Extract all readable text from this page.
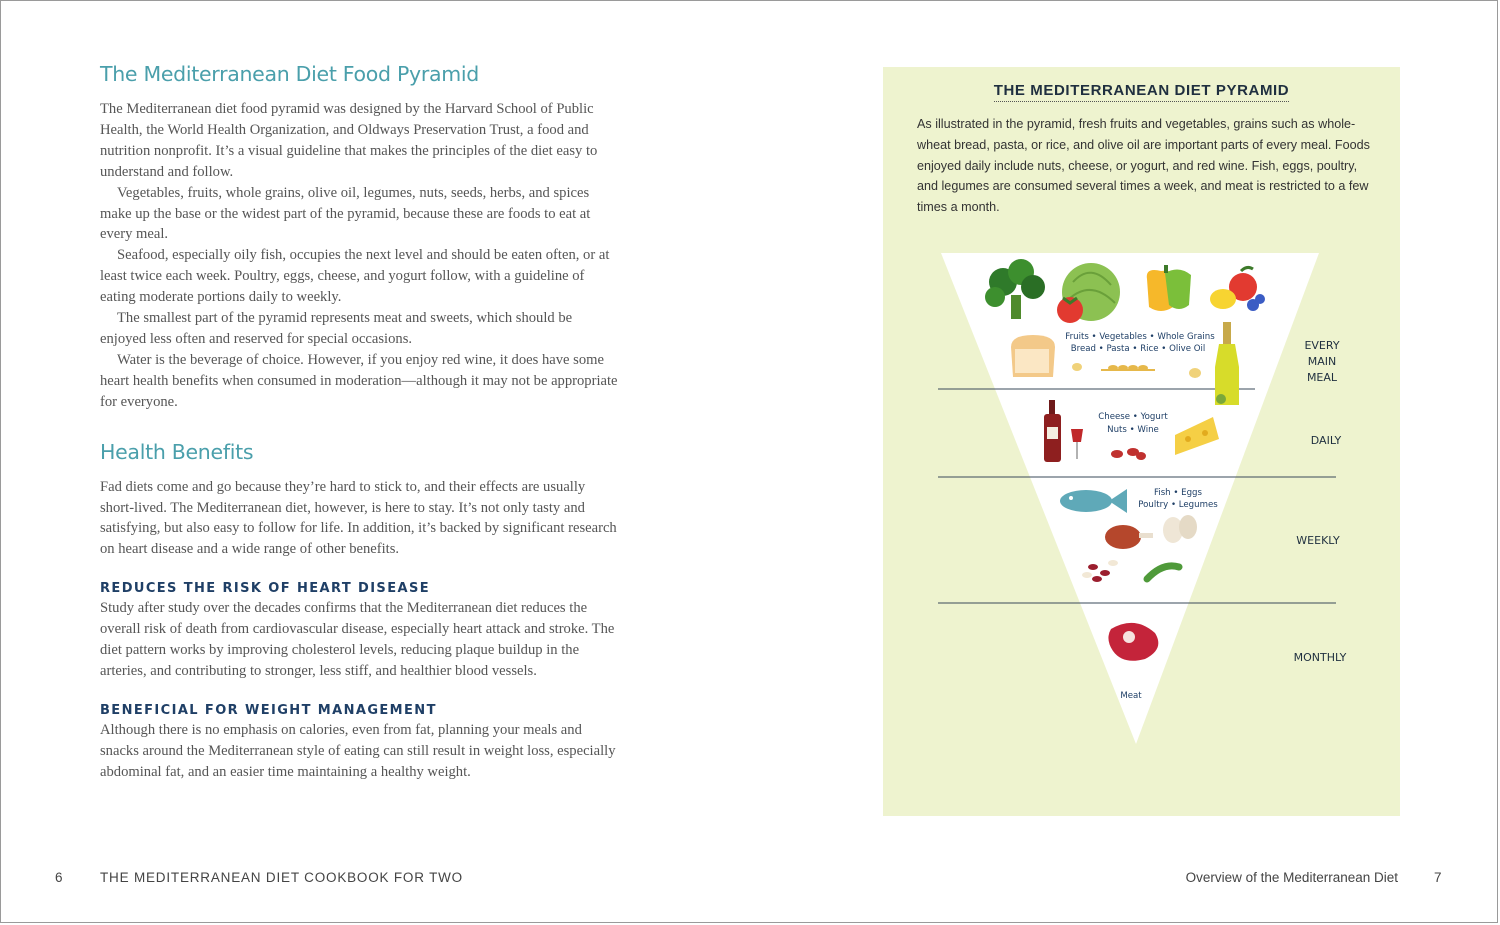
The Mediterranean Diet Food Pyramid

The Mediterranean diet food pyramid was designed by the Harvard School of Public Health, the World Health Organization, and Oldways Preservation Trust, a food and nutrition nonprofit. It’s a visual guideline that makes the principles of the diet easy to understand and follow.

Vegetables, fruits, whole grains, olive oil, legumes, nuts, seeds, herbs, and spices make up the base or the widest part of the pyramid, because these are foods to eat at every meal.

Seafood, especially oily fish, occupies the next level and should be eaten often, or at least twice each week. Poultry, eggs, cheese, and yogurt follow, with a guideline of eating moderate portions daily to weekly.

The smallest part of the pyramid represents meat and sweets, which should be enjoyed less often and reserved for special occasions.

Water is the beverage of choice. However, if you enjoy red wine, it does have some heart health benefits when consumed in moderation—although it may not be appropriate for everyone.

Health Benefits

Fad diets come and go because they’re hard to stick to, and their effects are usually short-lived. The Mediterranean diet, however, is here to stay. It’s not only tasty and satisfying, but also easy to follow for life. In addition, it’s backed by significant research on heart disease and a wide range of other benefits.

REDUCES THE RISK OF HEART DISEASE

Study after study over the decades confirms that the Mediterranean diet reduces the overall risk of death from cardiovascular disease, especially heart attack and stroke. The diet pattern works by improving cholesterol levels, reducing plaque buildup in the arteries, and contributing to stronger, less stiff, and healthier blood vessels.

BENEFICIAL FOR WEIGHT MANAGEMENT

Although there is no emphasis on calories, even from fat, planning your meals and snacks around the Mediterranean style of eating can still result in weight loss, especially abdominal fat, and an easier time maintaining a healthy weight.

THE MEDITERRANEAN DIET PYRAMID

As illustrated in the pyramid, fresh fruits and vegetables, grains such as whole-wheat bread, pasta, or rice, and olive oil are important parts of every meal. Foods enjoyed daily include nuts, cheese, or yogurt, and red wine. Fish, eggs, poultry, and legumes are consumed several times a week, and meat is restricted to a few times a month.

Fruits • Vegetables • Whole Grains
Bread • Pasta • Rice • Olive Oil
Cheese • Yogurt
Nuts • Wine
Fish • Eggs
Poultry • Legumes
Meat
EVERY
MAIN
MEAL
DAILY
WEEKLY
MONTHLY
6	THE MEDITERRANEAN DIET COOKBOOK FOR TWO	Overview of the Mediterranean Diet	7
